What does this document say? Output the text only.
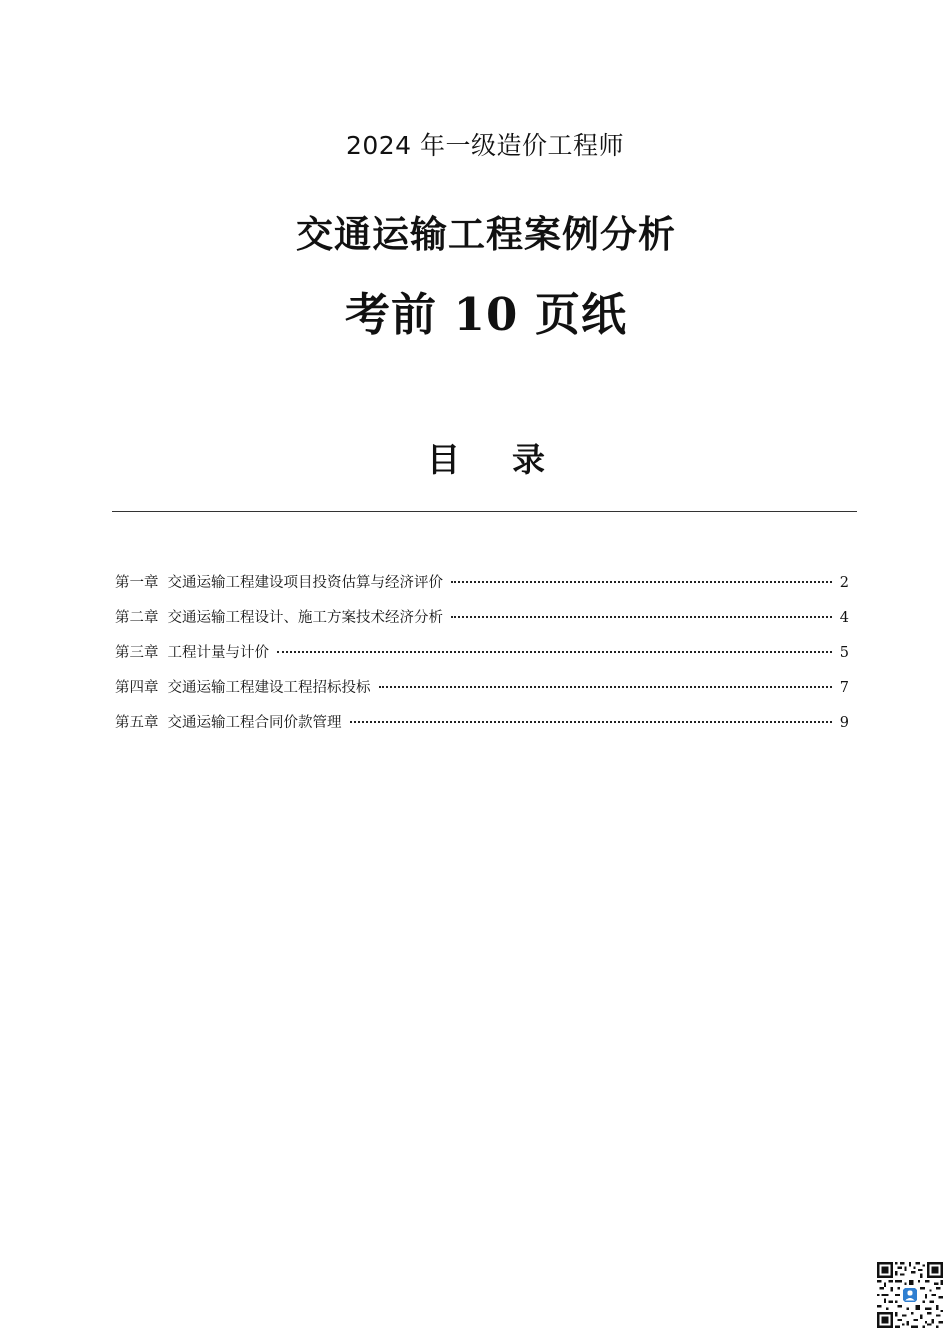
2024 年一级造价工程师
交通运输工程案例分析
考前 10 页纸
目 录
第一章 交通运输工程建设项目投资估算与经济评价	2
第二章 交通运输工程设计、施工方案技术经济分析	4
第三章 工程计量与计价	5
第四章 交通运输工程建设工程招标投标	7
第五章 交通运输工程合同价款管理	9
